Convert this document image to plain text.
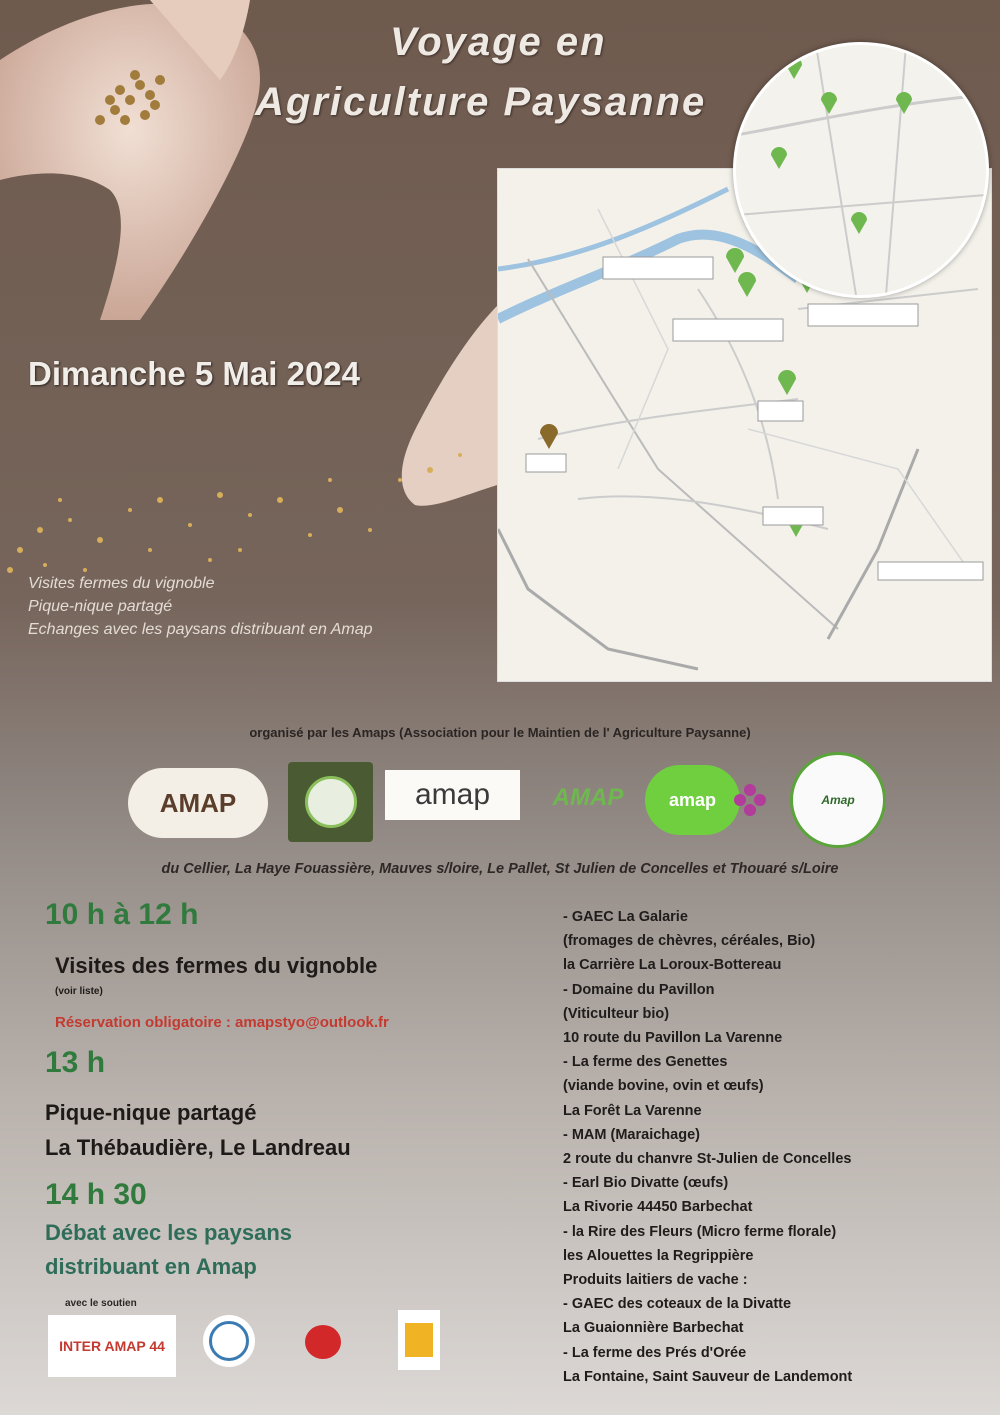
Voyage en
Agriculture Paysanne
Dimanche 5 Mai 2024
Visites fermes du vignoble
Pique-nique partagé
Echanges avec les paysans distribuant en Amap
organisé par les Amaps (Association pour le Maintien de l' Agriculture Paysanne)
AMAP	amap	AMAP	amap	Amap
du Cellier, La Haye Fouassière, Mauves s/loire, Le Pallet, St Julien de Concelles et Thouaré s/Loire
10 h à 12 h
Visites des fermes du vignoble
(voir liste)
Réservation obligatoire : amapstyo@outlook.fr
13 h
Pique-nique partagé
La Thébaudière, Le Landreau
14 h 30
Débat avec les paysans
distribuant en Amap
avec le soutien
INTER AMAP 44
- GAEC La Galarie
(fromages de chèvres, céréales, Bio)
la Carrière La Loroux-Bottereau
- Domaine du Pavillon
(Viticulteur bio)
10 route du Pavillon La Varenne
- La ferme des Genettes
(viande bovine, ovin et œufs)
La Forêt La Varenne
- MAM (Maraichage)
2 route du chanvre St-Julien de Concelles
- Earl Bio Divatte (œufs)
La Rivorie 44450 Barbechat
- la Rire des Fleurs (Micro ferme florale)
les Alouettes la Regrippière
Produits laitiers de vache :
- GAEC des coteaux de la Divatte
La Guaionnière Barbechat
- La ferme des Prés d'Orée
La Fontaine, Saint Sauveur de Landemont
